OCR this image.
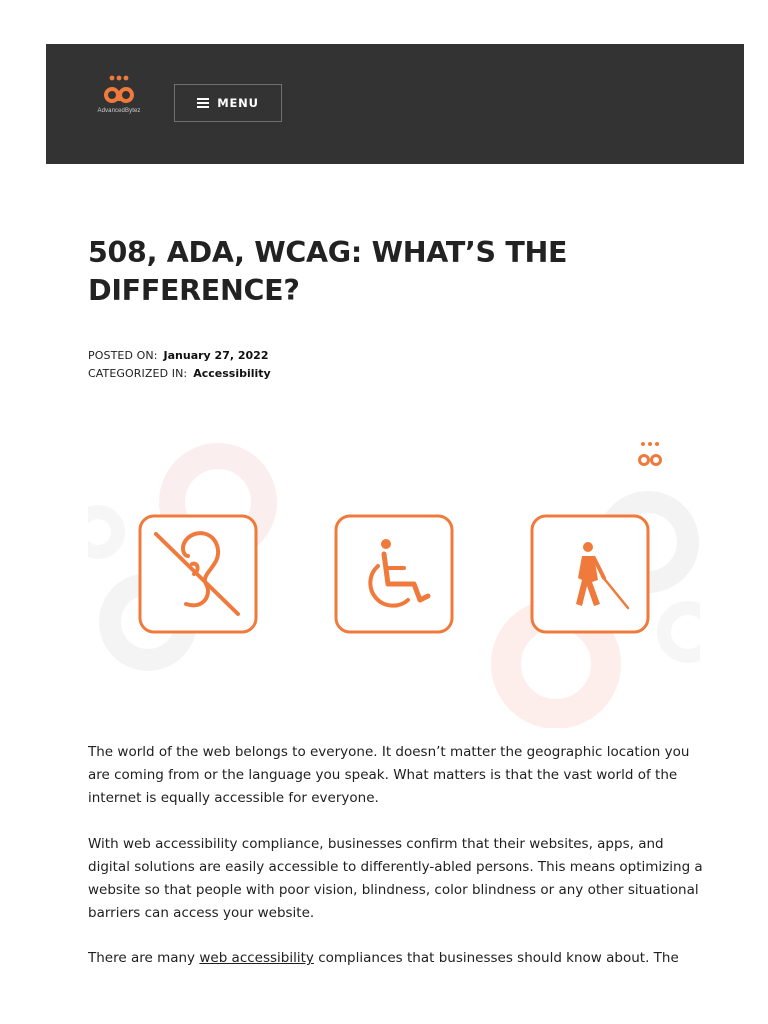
AdvancedBytez
MENU
508, ADA, WCAG: WHAT’S THE
DIFFERENCE?
POSTED ON: January 27, 2022
CATEGORIZED IN: Accessibility

The world of the web belongs to everyone. It doesn’t matter the geographic location you are coming from or the language you speak. What matters is that the vast world of the internet is equally accessible for everyone.

With web accessibility compliance, businesses confirm that their websites, apps, and digital solutions are easily accessible to differently-abled persons. This means optimizing a website so that people with poor vision, blindness, color blindness or any other situational barriers can access your website.

There are many web accessibility compliances that businesses should know about. The
